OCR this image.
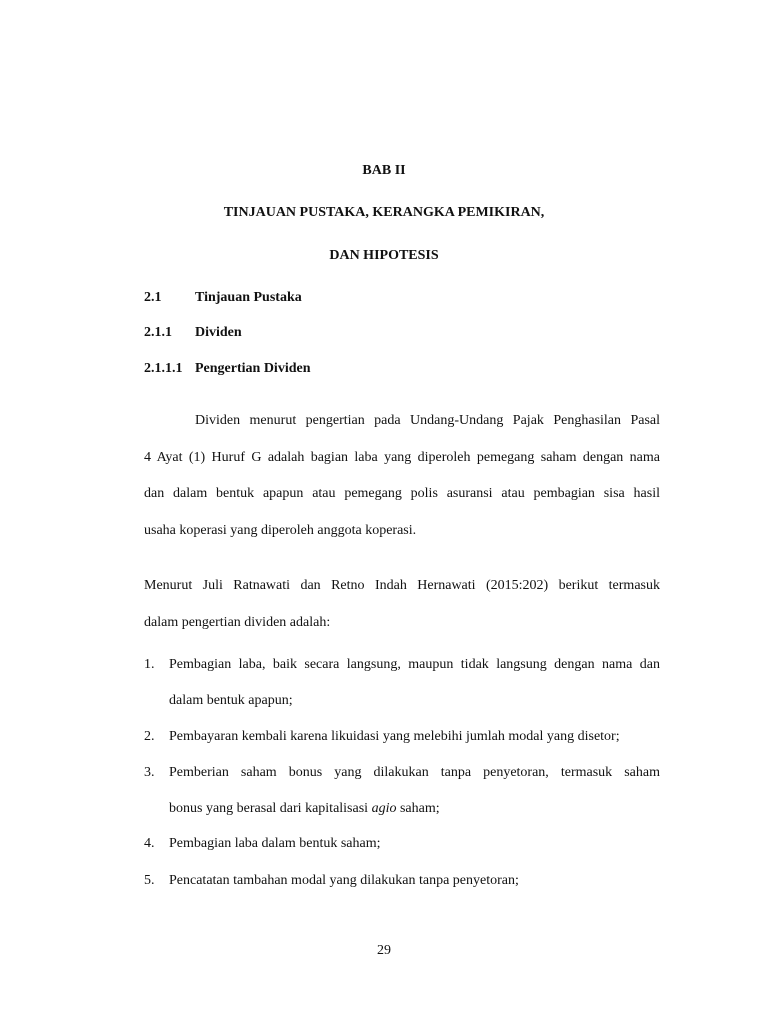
BAB II
TINJAUAN PUSTAKA, KERANGKA PEMIKIRAN,
DAN HIPOTESIS
2.1 Tinjauan Pustaka
2.1.1 Dividen
2.1.1.1 Pengertian Dividen
Dividen menurut pengertian pada Undang-Undang Pajak Penghasilan Pasal
4 Ayat (1) Huruf G adalah bagian laba yang diperoleh pemegang saham dengan nama
dan dalam bentuk apapun atau pemegang polis asuransi atau pembagian sisa hasil
usaha koperasi yang diperoleh anggota koperasi.
Menurut Juli Ratnawati dan Retno Indah Hernawati (2015:202) berikut termasuk
dalam pengertian dividen adalah:
1.	Pembagian laba, baik secara langsung, maupun tidak langsung dengan nama dan
dalam bentuk apapun;
2.	Pembayaran kembali karena likuidasi yang melebihi jumlah modal yang disetor;
3.	Pemberian saham bonus yang dilakukan tanpa penyetoran, termasuk saham
bonus yang berasal dari kapitalisasi agio saham;
4.	Pembagian laba dalam bentuk saham;
5.	Pencatatan tambahan modal yang dilakukan tanpa penyetoran;
29
